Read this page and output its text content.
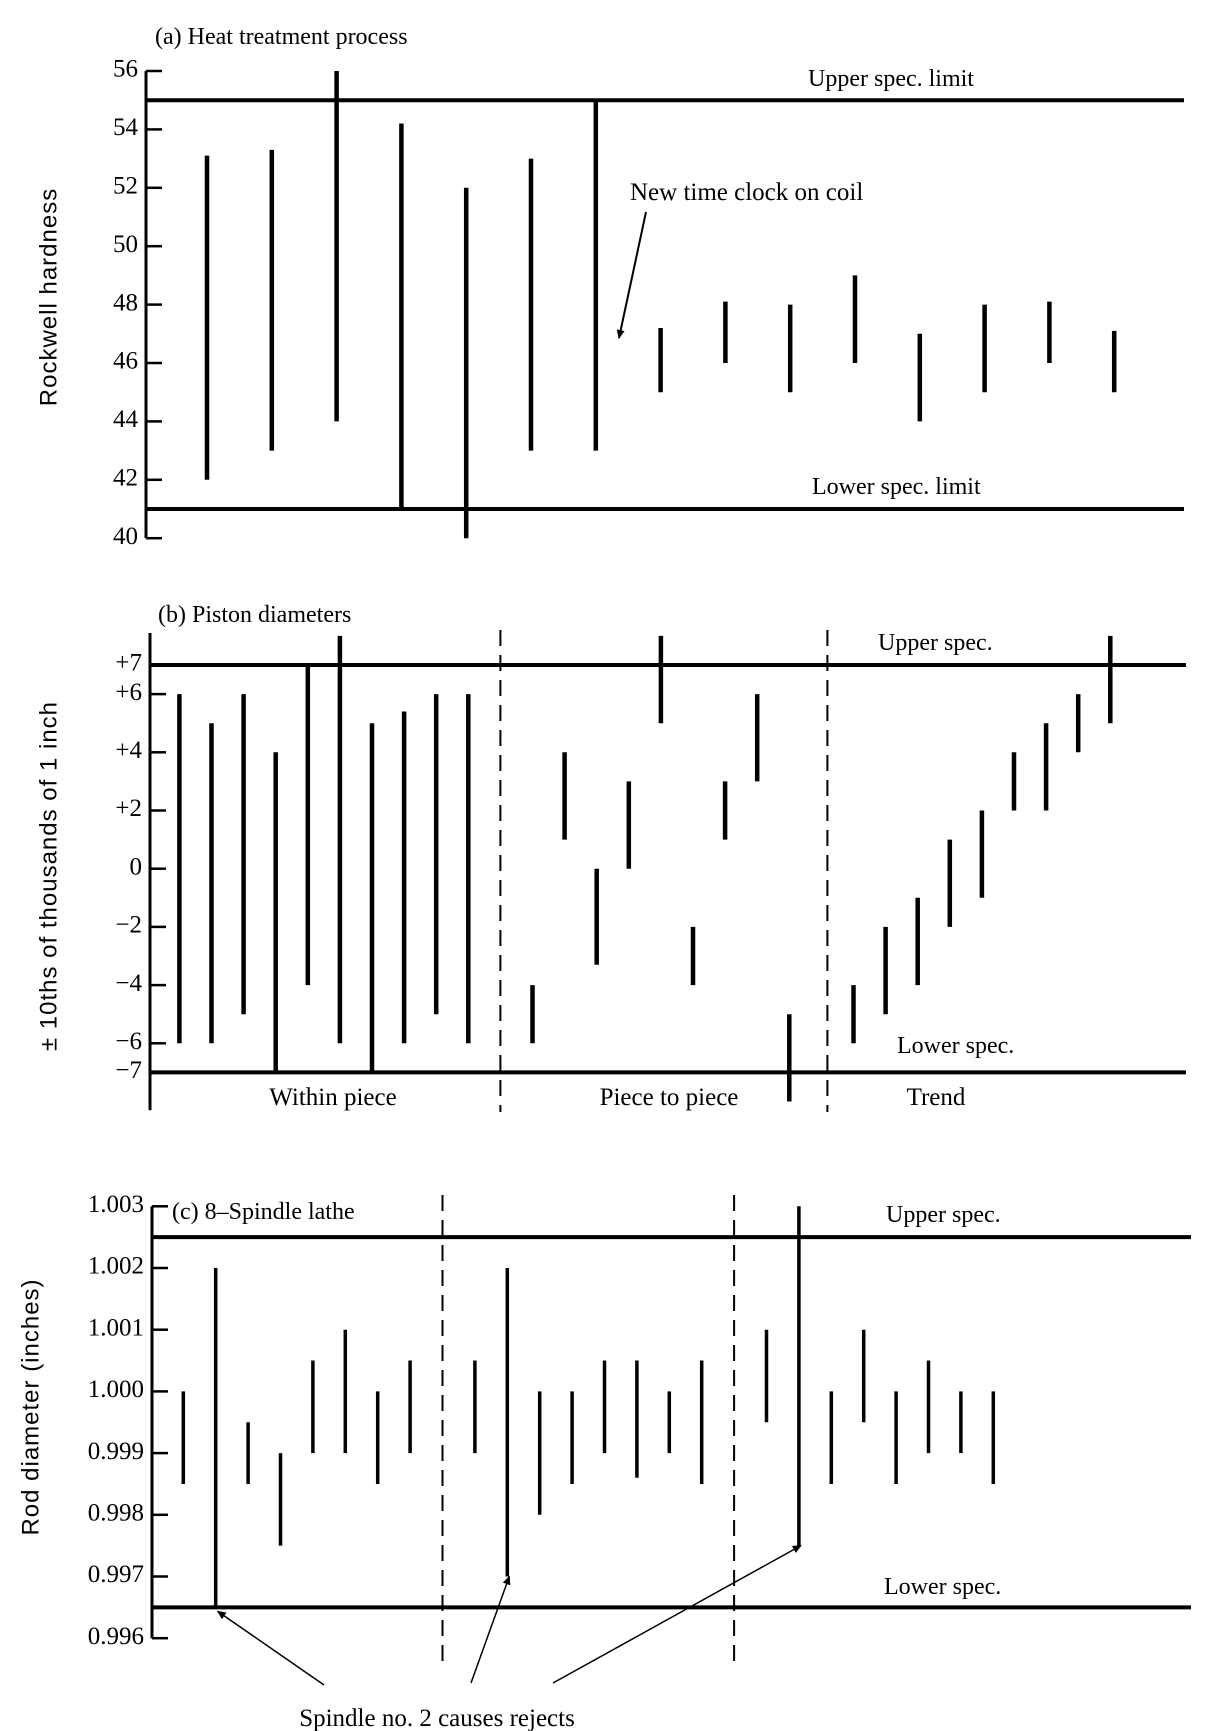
(a) Heat treatment process
Rockwell hardness
56
54
52
50
48
46
44
42
40
Upper spec. limit
Lower spec. limit
New time clock on coil
(b) Piston diameters
± 10ths of thousands of 1 inch
+7
+6
+4
+2
0
−2
−4
−6
−7
Upper spec.
Lower spec.
Within piece	Piece to piece	Trend
(c) 8–Spindle lathe
Rod diameter (inches)
1.003
1.002
1.001
1.000
0.999
0.998
0.997
0.996
Upper spec.
Lower spec.
Spindle no. 2 causes rejects
